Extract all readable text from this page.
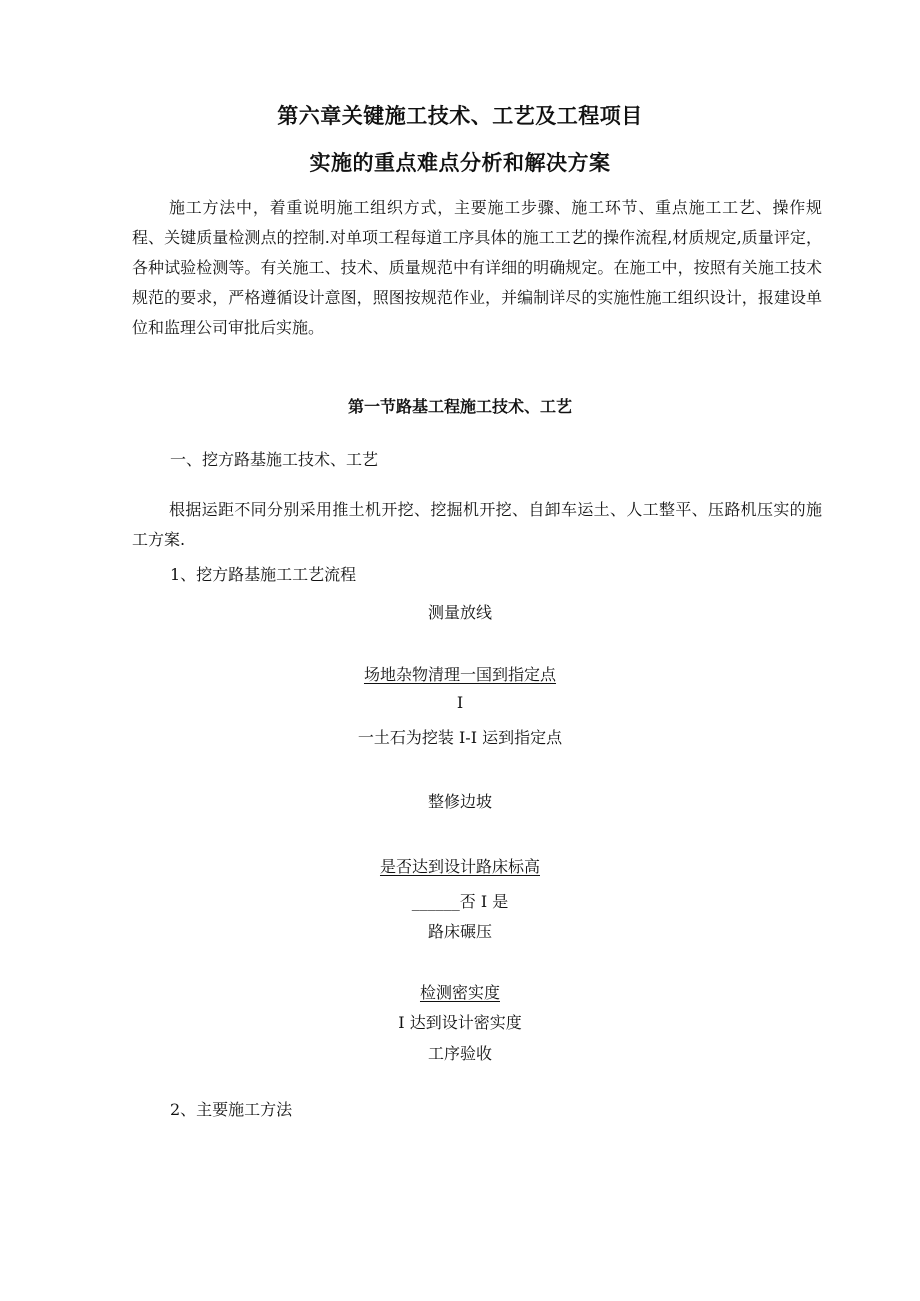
第六章关键施工技术、工艺及工程项目
实施的重点难点分析和解决方案
施工方法中，着重说明施工组织方式，主要施工步骤、施工环节、重点施工工艺、操作规程、关键质量检测点的控制.对单项工程每道工序具体的施工工艺的操作流程,材质规定,质量评定，各种试验检测等。有关施工、技术、质量规范中有详细的明确规定。在施工中，按照有关施工技术规范的要求，严格遵循设计意图，照图按规范作业，并编制详尽的实施性施工组织设计，报建设单位和监理公司审批后实施。
第一节路基工程施工技术、工艺
一、挖方路基施工技术、工艺
根据运距不同分别采用推土机开挖、挖掘机开挖、自卸车运土、人工整平、压路机压实的施工方案.
1、挖方路基施工工艺流程
测量放线
场地杂物清理一国到指定点
I
一土石为挖装 I-I 运到指定点
整修边坡
是否达到设计路床标高
______否 I 是
路床碾压
检测密实度
I 达到设计密实度
工序验收
2、主要施工方法
